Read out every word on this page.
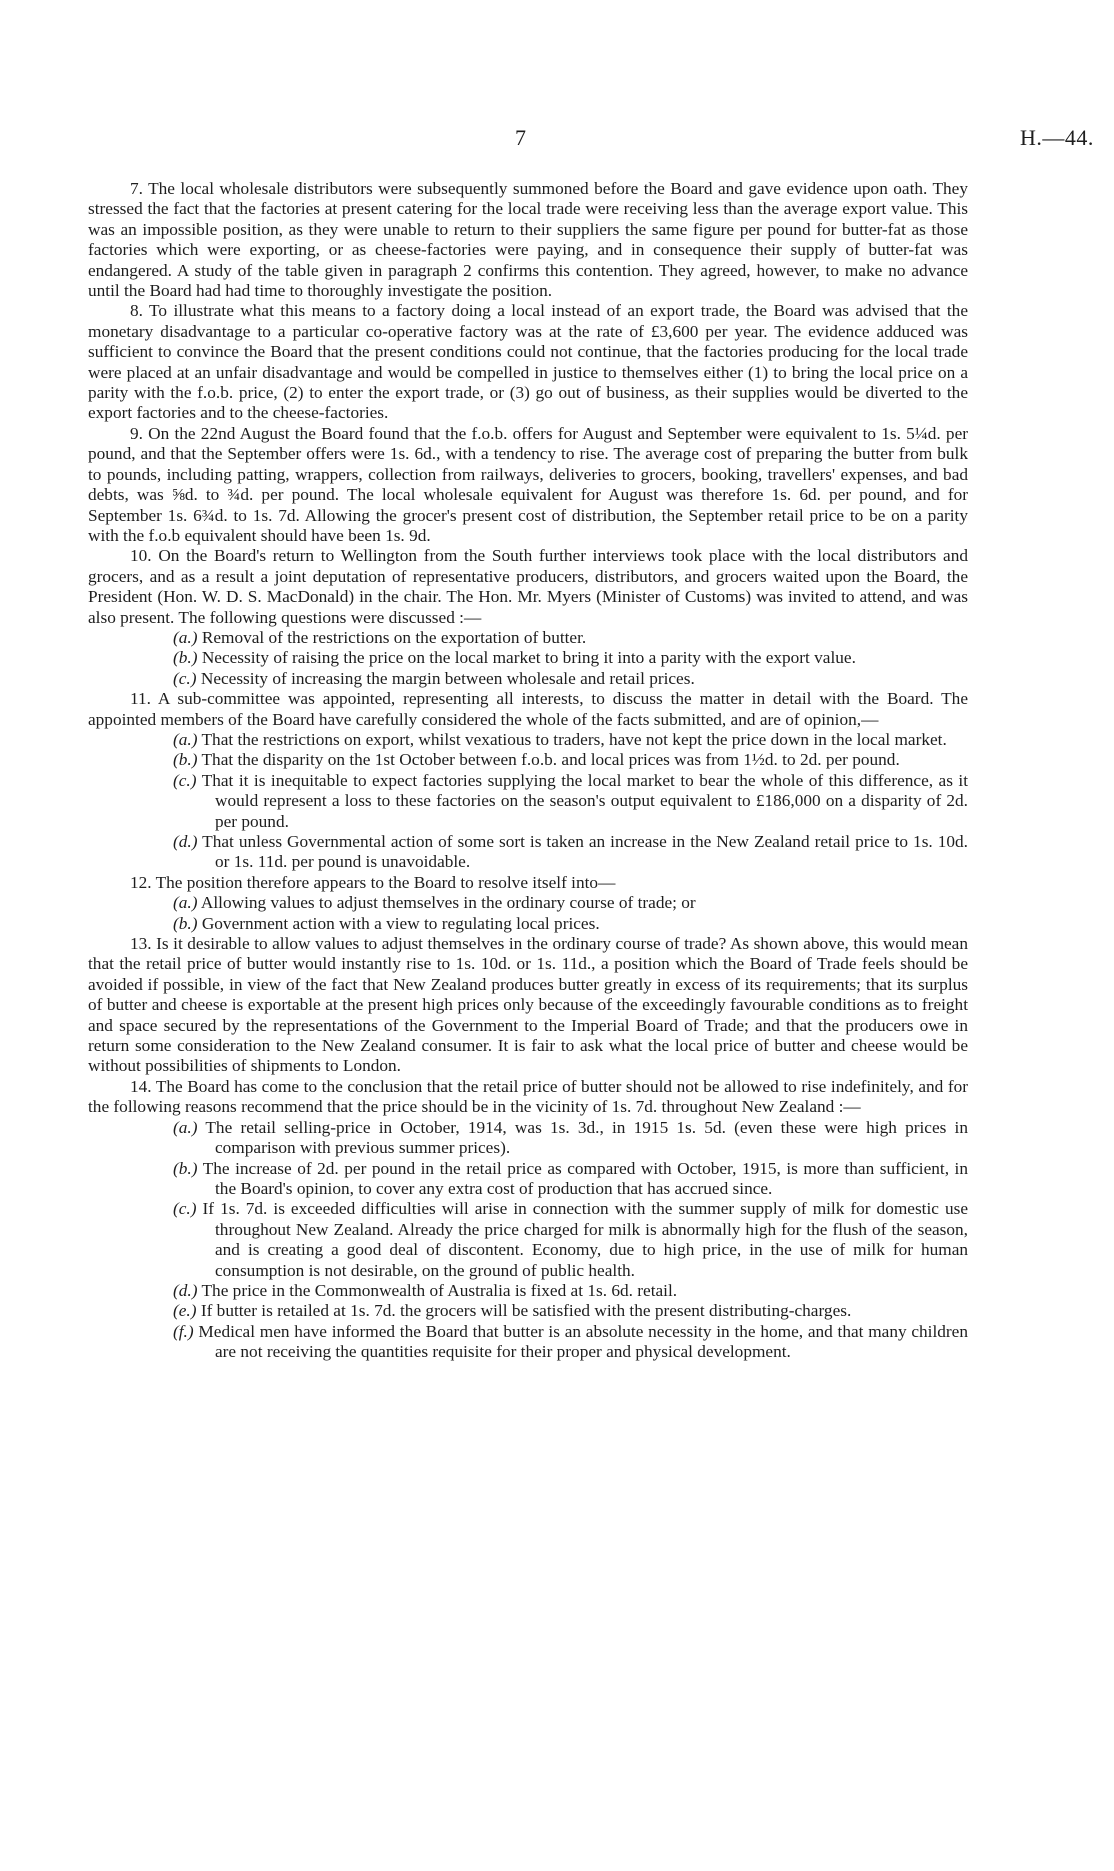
7	H.—44.

7. The local wholesale distributors were subsequently summoned before the Board and gave evidence upon oath. They stressed the fact that the factories at present catering for the local trade were receiving less than the average export value. This was an impossible position, as they were unable to return to their suppliers the same figure per pound for butter-fat as those factories which were exporting, or as cheese-factories were paying, and in consequence their supply of butter-fat was endangered. A study of the table given in paragraph 2 confirms this contention. They agreed, however, to make no advance until the Board had had time to thoroughly investigate the position.

8. To illustrate what this means to a factory doing a local instead of an export trade, the Board was advised that the monetary disadvantage to a particular co-operative factory was at the rate of £3,600 per year. The evidence adduced was sufficient to convince the Board that the present conditions could not continue, that the factories producing for the local trade were placed at an unfair disadvantage and would be compelled in justice to themselves either (1) to bring the local price on a parity with the f.o.b. price, (2) to enter the export trade, or (3) go out of business, as their supplies would be diverted to the export factories and to the cheese-factories.

9. On the 22nd August the Board found that the f.o.b. offers for August and September were equivalent to 1s. 5¼d. per pound, and that the September offers were 1s. 6d., with a tendency to rise. The average cost of preparing the butter from bulk to pounds, including patting, wrappers, collection from railways, deliveries to grocers, booking, travellers' expenses, and bad debts, was ⅝d. to ¾d. per pound. The local wholesale equivalent for August was therefore 1s. 6d. per pound, and for September 1s. 6¾d. to 1s. 7d. Allowing the grocer's present cost of distribution, the September retail price to be on a parity with the f.o.b equivalent should have been 1s. 9d.

10. On the Board's return to Wellington from the South further interviews took place with the local distributors and grocers, and as a result a joint deputation of representative producers, distributors, and grocers waited upon the Board, the President (Hon. W. D. S. MacDonald) in the chair. The Hon. Mr. Myers (Minister of Customs) was invited to attend, and was also present. The following questions were discussed :—

(a.) Removal of the restrictions on the exportation of butter.
(b.) Necessity of raising the price on the local market to bring it into a parity with the export value.
(c.) Necessity of increasing the margin between wholesale and retail prices.

11. A sub-committee was appointed, representing all interests, to discuss the matter in detail with the Board. The appointed members of the Board have carefully considered the whole of the facts submitted, and are of opinion,—

(a.) That the restrictions on export, whilst vexatious to traders, have not kept the price down in the local market.
(b.) That the disparity on the 1st October between f.o.b. and local prices was from 1½d. to 2d. per pound.
(c.) That it is inequitable to expect factories supplying the local market to bear the whole of this difference, as it would represent a loss to these factories on the season's output equivalent to £186,000 on a disparity of 2d. per pound.
(d.) That unless Governmental action of some sort is taken an increase in the New Zealand retail price to 1s. 10d. or 1s. 11d. per pound is unavoidable.

12. The position therefore appears to the Board to resolve itself into—

(a.) Allowing values to adjust themselves in the ordinary course of trade; or
(b.) Government action with a view to regulating local prices.

13. Is it desirable to allow values to adjust themselves in the ordinary course of trade? As shown above, this would mean that the retail price of butter would instantly rise to 1s. 10d. or 1s. 11d., a position which the Board of Trade feels should be avoided if possible, in view of the fact that New Zealand produces butter greatly in excess of its requirements; that its surplus of butter and cheese is exportable at the present high prices only because of the exceedingly favourable conditions as to freight and space secured by the representations of the Government to the Imperial Board of Trade; and that the producers owe in return some consideration to the New Zealand consumer. It is fair to ask what the local price of butter and cheese would be without possibilities of shipments to London.

14. The Board has come to the conclusion that the retail price of butter should not be allowed to rise indefinitely, and for the following reasons recommend that the price should be in the vicinity of 1s. 7d. throughout New Zealand :—

(a.) The retail selling-price in October, 1914, was 1s. 3d., in 1915 1s. 5d. (even these were high prices in comparison with previous summer prices).
(b.) The increase of 2d. per pound in the retail price as compared with October, 1915, is more than sufficient, in the Board's opinion, to cover any extra cost of production that has accrued since.
(c.) If 1s. 7d. is exceeded difficulties will arise in connection with the summer supply of milk for domestic use throughout New Zealand. Already the price charged for milk is abnormally high for the flush of the season, and is creating a good deal of discontent. Economy, due to high price, in the use of milk for human consumption is not desirable, on the ground of public health.
(d.) The price in the Commonwealth of Australia is fixed at 1s. 6d. retail.
(e.) If butter is retailed at 1s. 7d. the grocers will be satisfied with the present distributing-charges.
(f.) Medical men have informed the Board that butter is an absolute necessity in the home, and that many children are not receiving the quantities requisite for their proper and physical development.
